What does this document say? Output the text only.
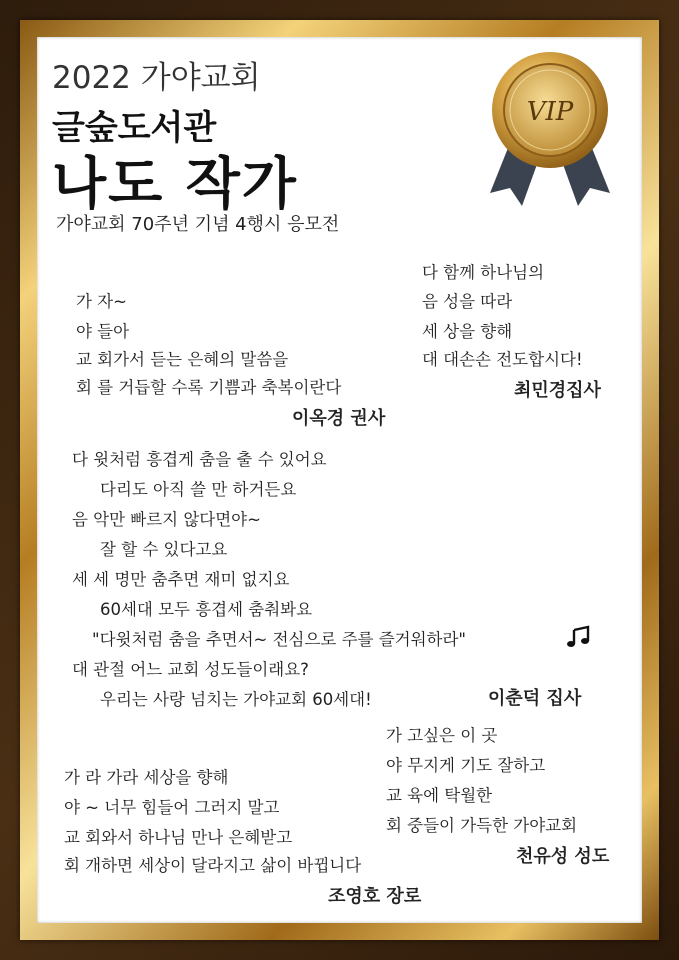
2022 가야교회
글숲도서관
나도 작가
가야교회 70주년 기념 4행시 응모전
VIP
가 자~
야 들아
교 회가서 듣는 은혜의 말씀을
회 를 거듭할 수록 기쁨과 축복이란다
이옥경 권사
다 함께 하나님의
음 성을 따라
세 상을 향해
대 대손손 전도합시다!
최민경집사
다 윗처럼 흥겹게 춤을 출 수 있어요
다리도 아직 쓸 만 하거든요
음 악만 빠르지 않다면야~
잘 할 수 있다고요
세 세 명만 춤추면 재미 없지요
60세대 모두 흥겹세 춤춰봐요
"다윗처럼 춤을 추면서~ 전심으로 주를 즐거워하라"
대 관절 어느 교회 성도들이래요?
우리는 사랑 넘치는 가야교회 60세대!	이춘덕 집사
가 고싶은 이 곳
야 무지게 기도 잘하고
교 육에 탁월한
회 중들이 가득한 가야교회
천유성 성도
가 라 가라 세상을 향해
야 ~ 너무 힘들어 그러지 말고
교 회와서 하나님 만나 은혜받고
회 개하면 세상이 달라지고 삶이 바뀝니다
조영호 장로
